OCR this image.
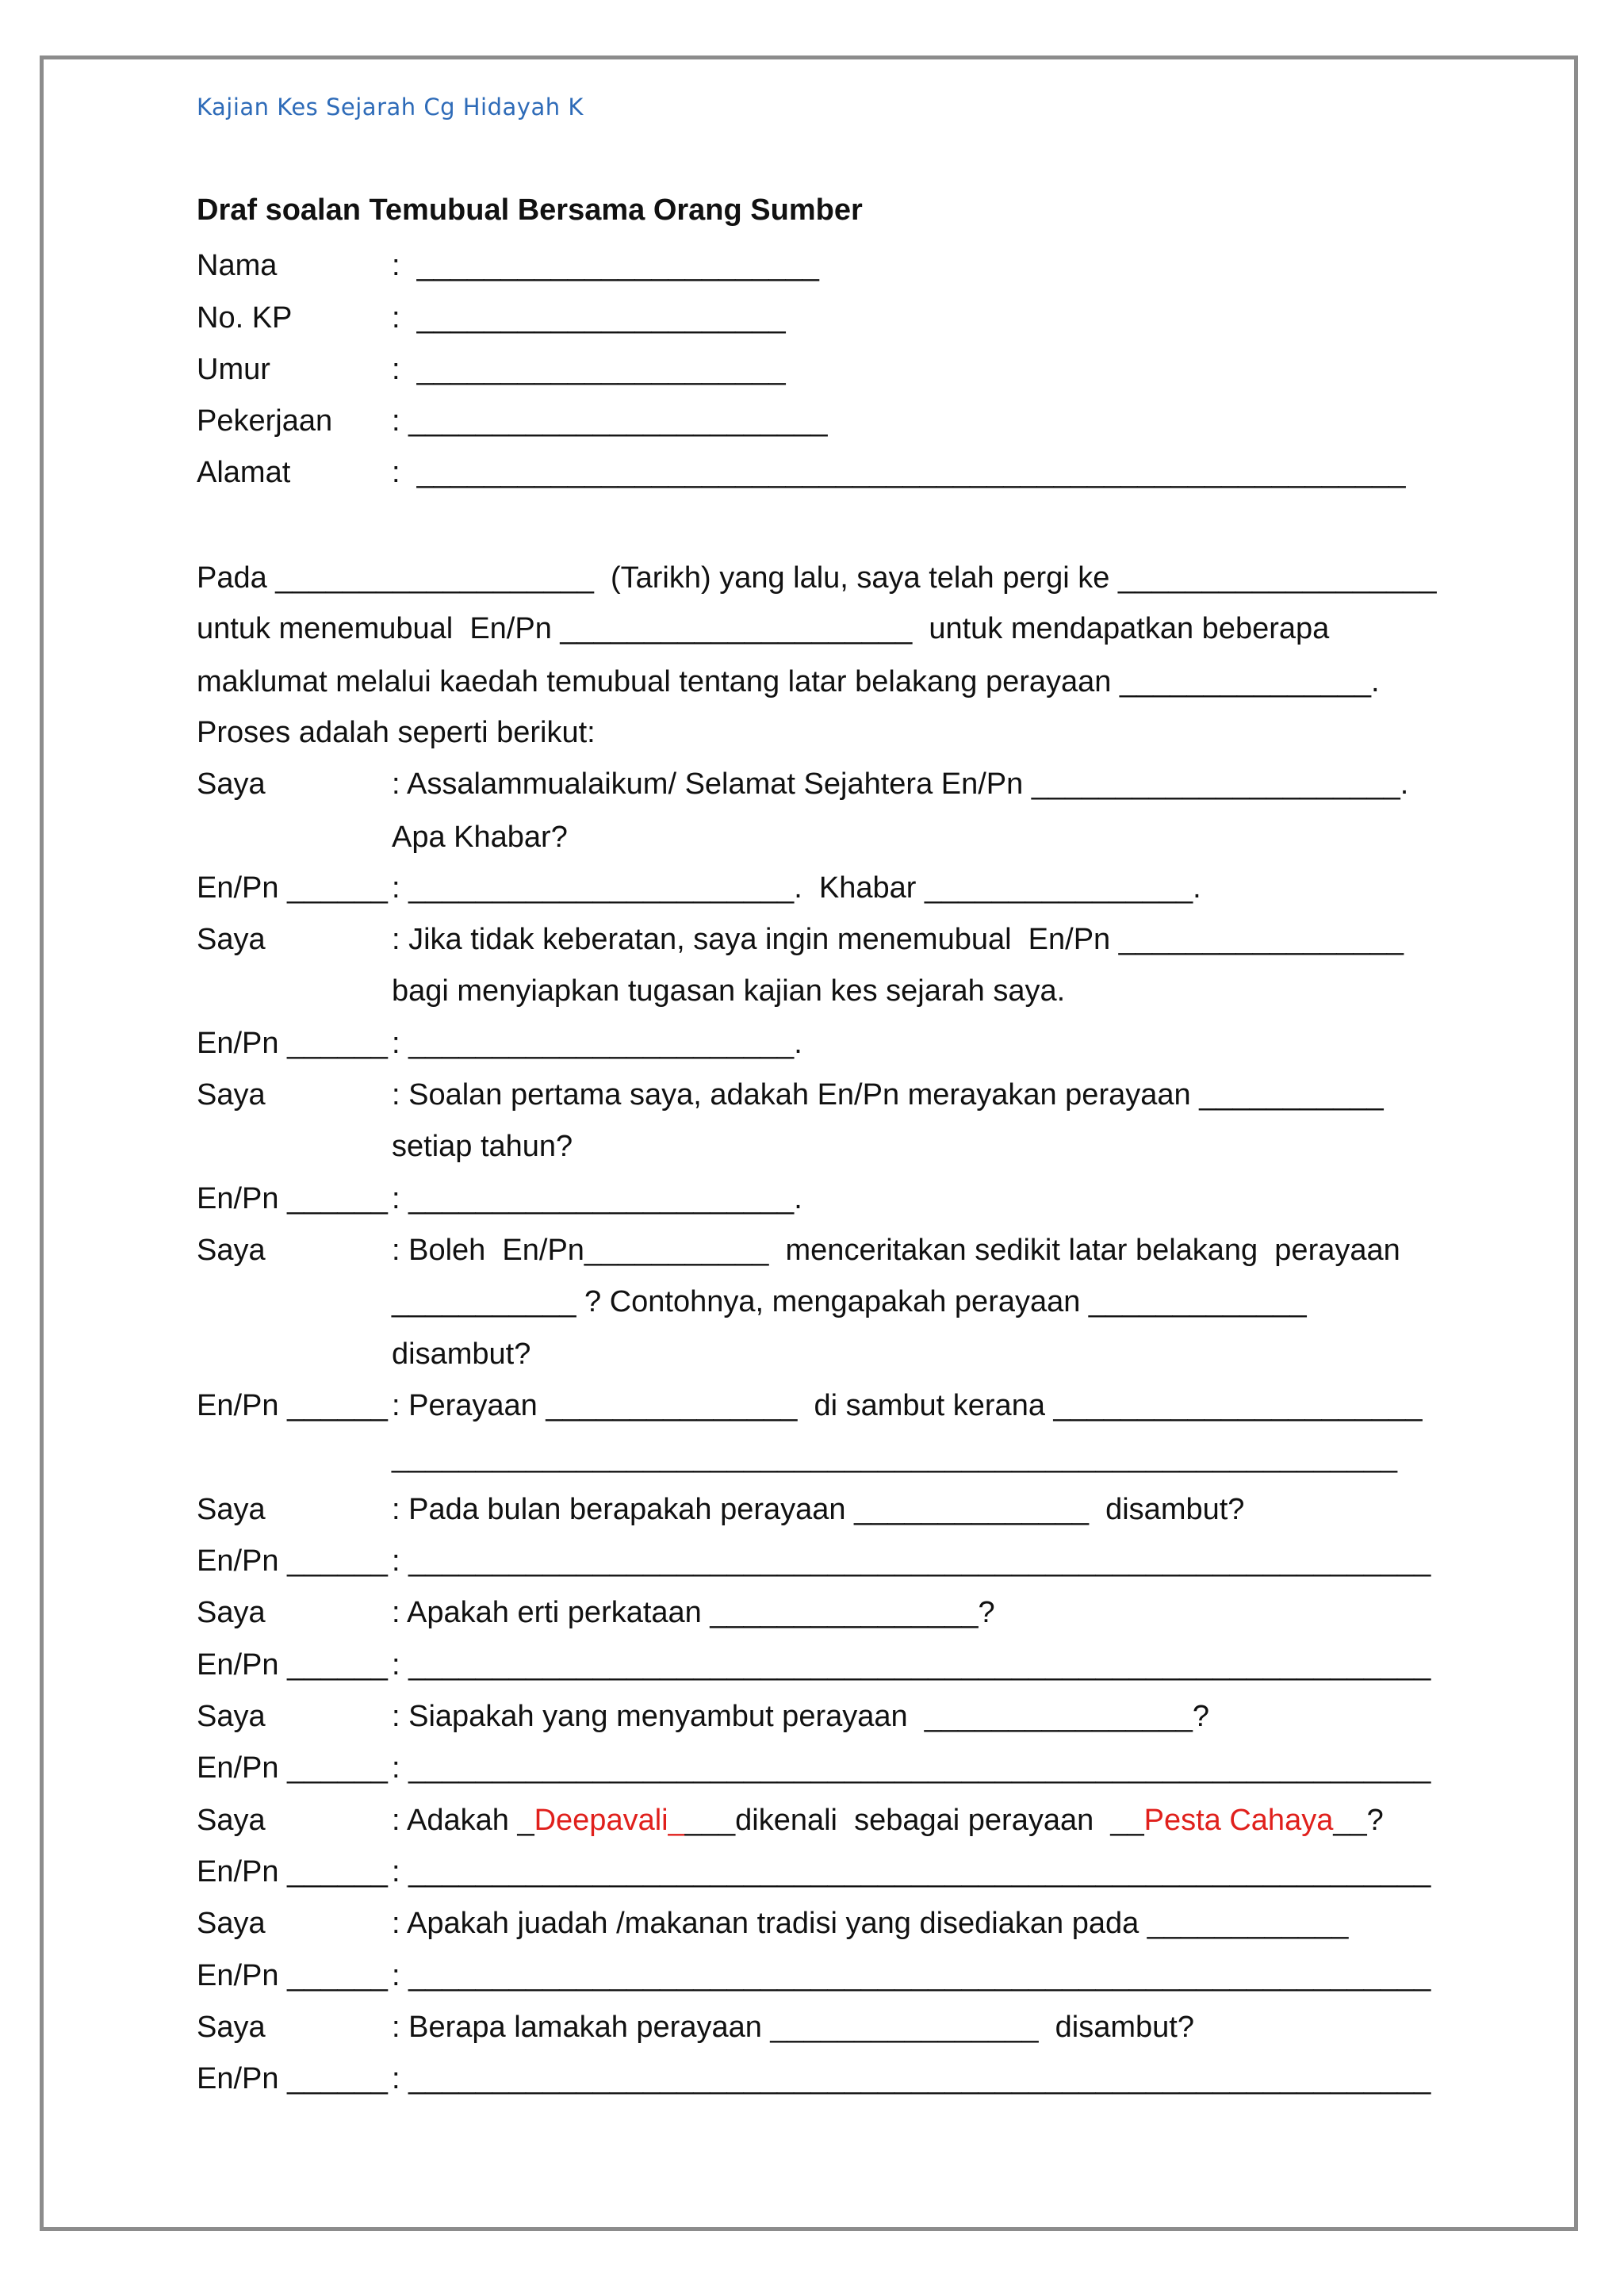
Kajian Kes Sejarah Cg Hidayah K
Draf soalan Temubual Bersama Orang Sumber
Nama	:  ________________________
No. KP	:  ______________________
Umur	:  ______________________
Pekerjaan : _________________________
Alamat	:  ___________________________________________________________
Pada ___________________  (Tarikh) yang lalu, saya telah pergi ke ___________________
untuk menemubual  En/Pn _____________________  untuk mendapatkan beberapa
maklumat melalui kaedah temubual tentang latar belakang perayaan _______________.
Proses adalah seperti berikut:
Saya	: Assalammualaikum/ Selamat Sejahtera En/Pn ______________________.
Apa Khabar?
En/Pn ______ : _______________________.  Khabar ________________.
Saya	: Jika tidak keberatan, saya ingin menemubual  En/Pn _________________
bagi menyiapkan tugasan kajian kes sejarah saya.
En/Pn ______ : _______________________.
Saya	: Soalan pertama saya, adakah En/Pn merayakan perayaan ___________
setiap tahun?
En/Pn ______ : _______________________.
Saya	: Boleh  En/Pn___________  menceritakan sedikit latar belakang  perayaan
___________ ? Contohnya, mengapakah perayaan _____________
disambut?
En/Pn ______ : Perayaan _______________  di sambut kerana ______________________
____________________________________________________________
Saya	: Pada bulan berapakah perayaan ______________  disambut?
En/Pn ______ : _____________________________________________________________
Saya	: Apakah erti perkataan ________________?
En/Pn ______ : _____________________________________________________________
Saya	: Siapakah yang menyambut perayaan  ________________?
En/Pn ______ : _____________________________________________________________
Saya	: Adakah _Deepavali____dikenali  sebagai perayaan  __Pesta Cahaya__?
En/Pn ______ : _____________________________________________________________
Saya	: Apakah juadah /makanan tradisi yang disediakan pada ____________
En/Pn ______ : _____________________________________________________________
Saya	: Berapa lamakah perayaan ________________  disambut?
En/Pn ______ : _____________________________________________________________
